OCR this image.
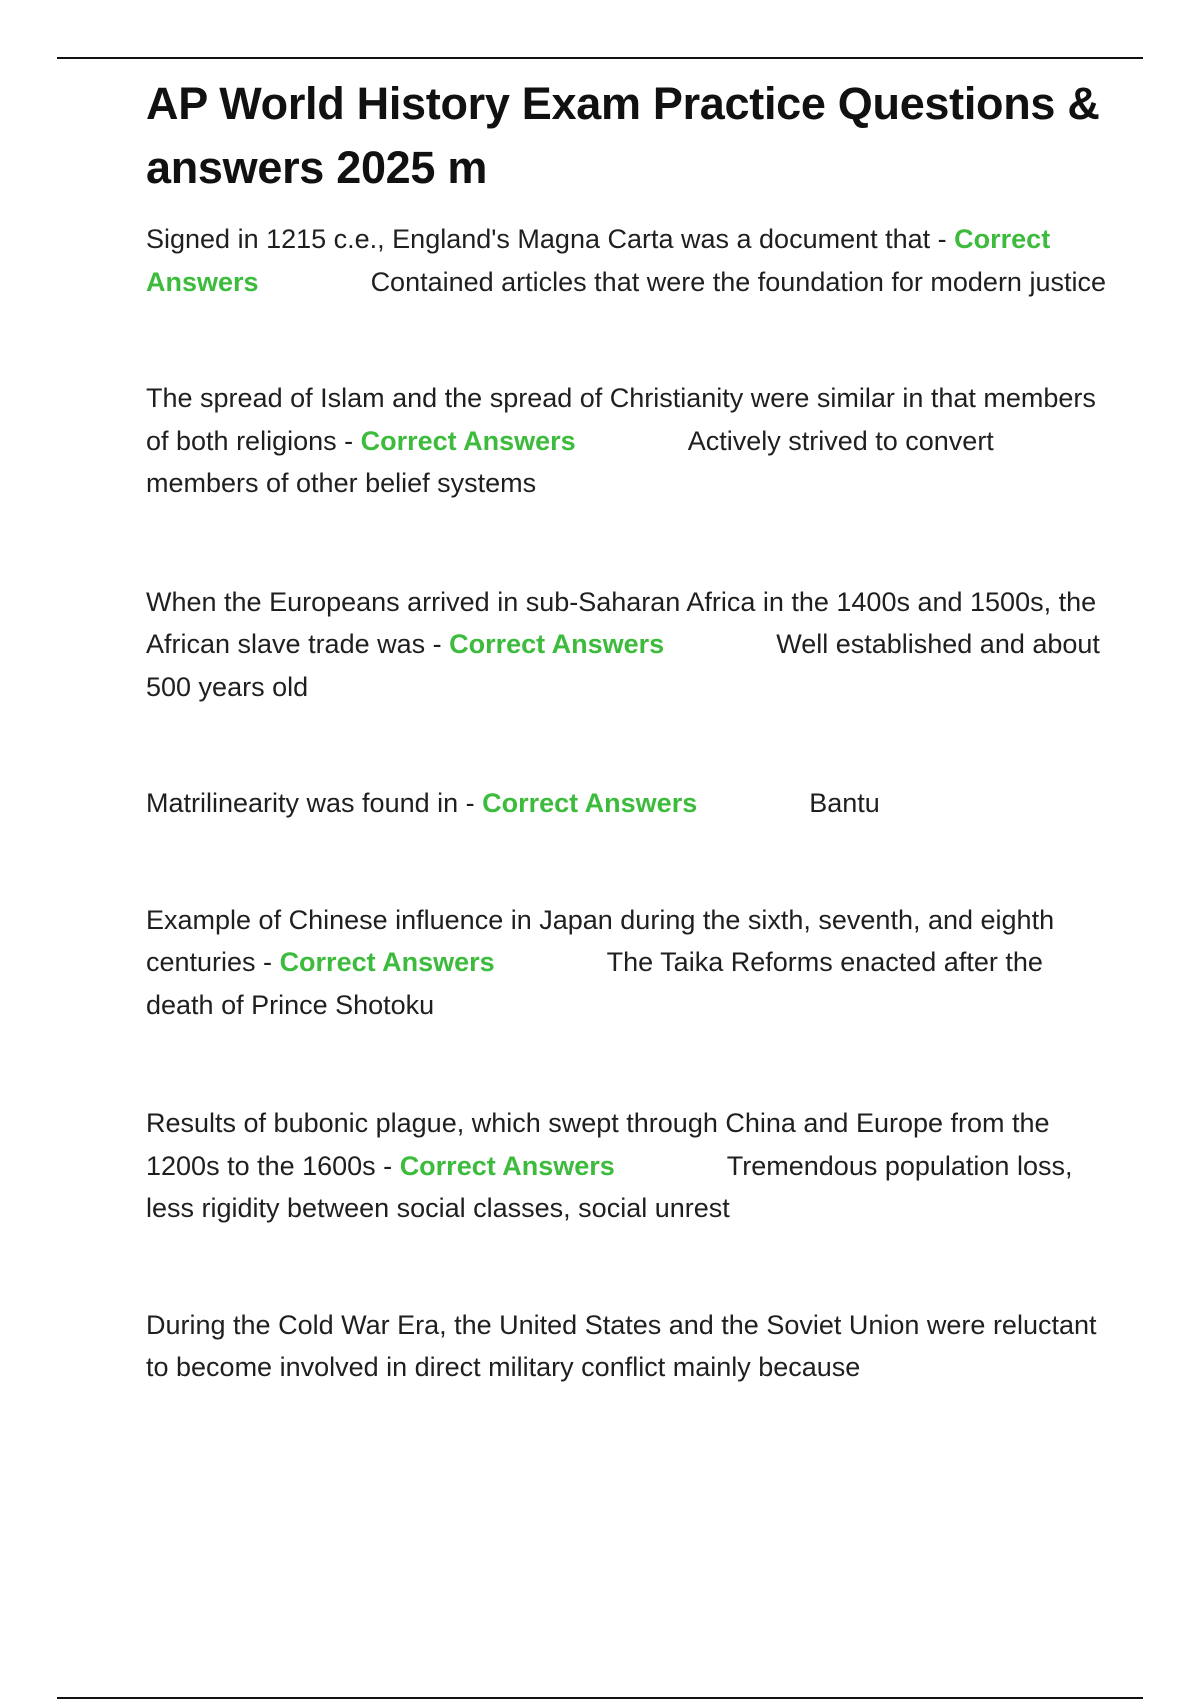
AP World History Exam Practice Questions & answers 2025 m

Signed in 1215 c.e., England's Magna Carta was a document that - Correct Answers	Contained articles that were the foundation for modern justice

The spread of Islam and the spread of Christianity were similar in that members of both religions - Correct Answers	Actively strived to convert members of other belief systems

When the Europeans arrived in sub-Saharan Africa in the 1400s and 1500s, the African slave trade was - Correct Answers	Well established and about 500 years old

Matrilinearity was found in - Correct Answers	Bantu

Example of Chinese influence in Japan during the sixth, seventh, and eighth centuries - Correct Answers	The Taika Reforms enacted after the death of Prince Shotoku

Results of bubonic plague, which swept through China and Europe from the 1200s to the 1600s - Correct Answers	Tremendous population loss, less rigidity between social classes, social unrest

During the Cold War Era, the United States and the Soviet Union were reluctant to become involved in direct military conflict mainly because
